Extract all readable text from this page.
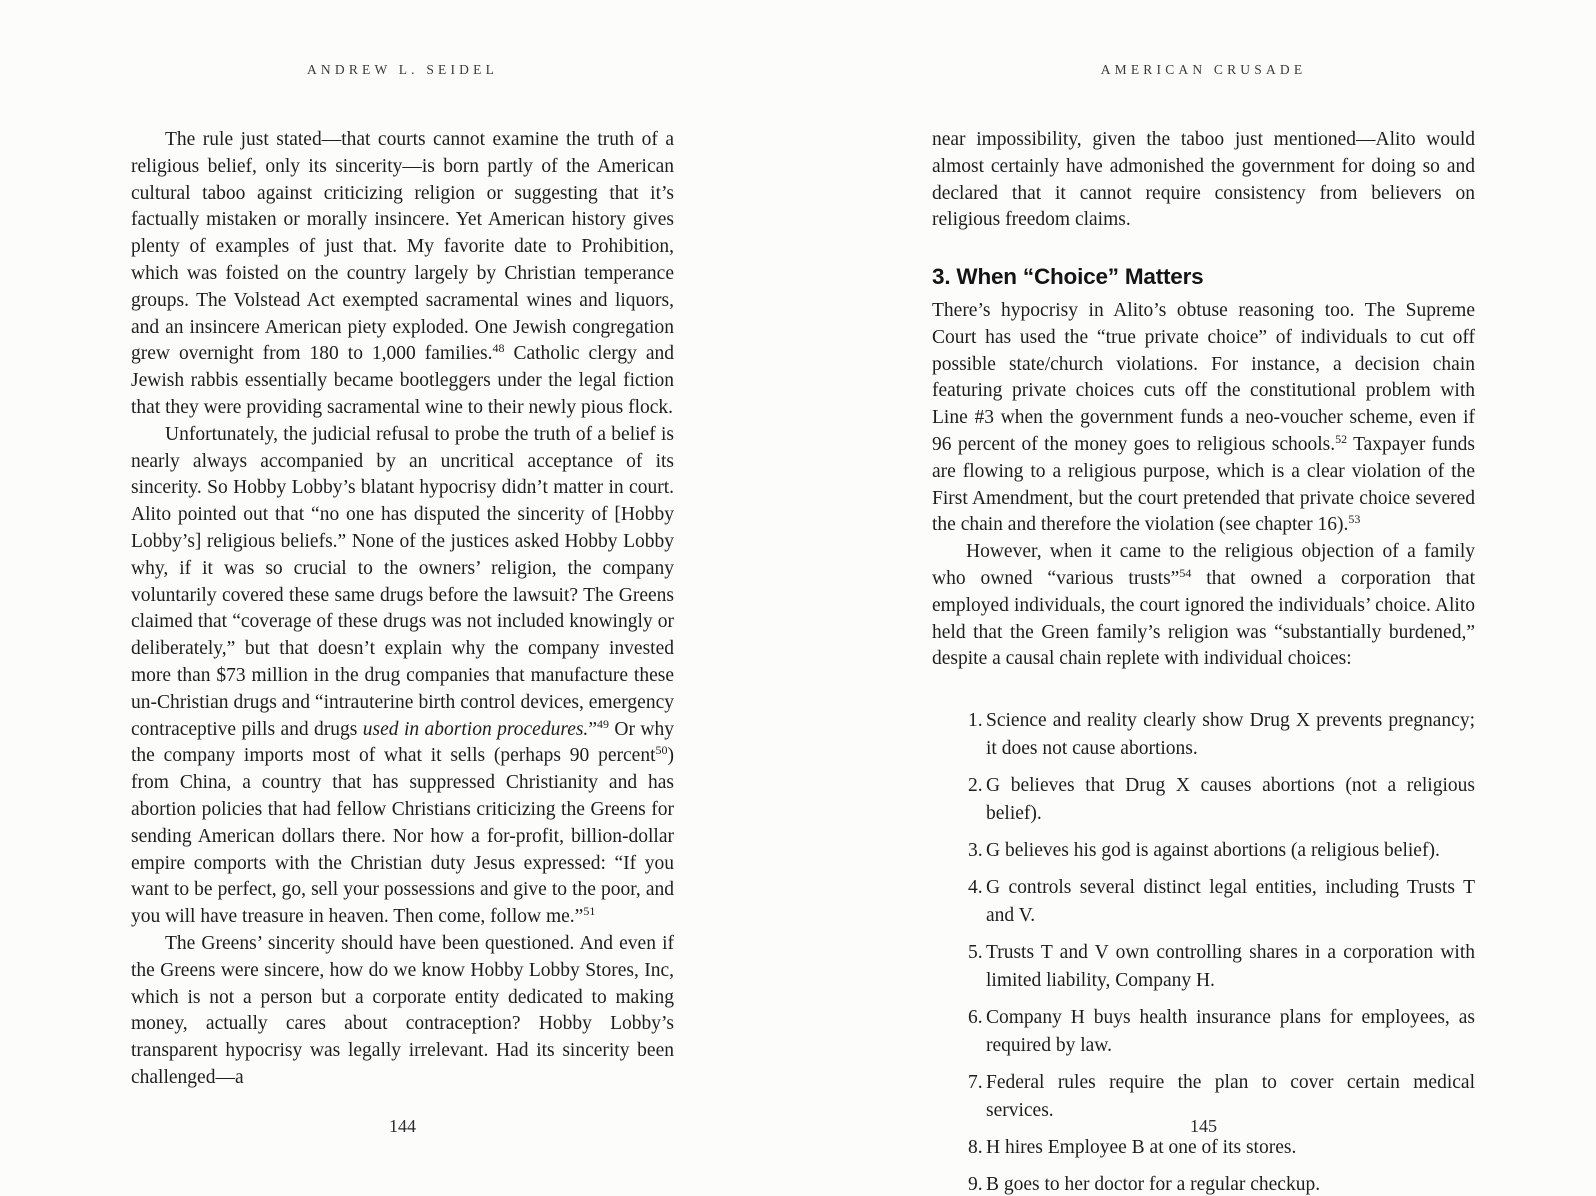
ANDREW L. SEIDEL

The rule just stated—that courts cannot examine the truth of a religious belief, only its sincerity—is born partly of the American cultural taboo against criticizing religion or suggesting that it’s factually mistaken or morally insincere. Yet American history gives plenty of examples of just that. My favorite date to Prohibition, which was foisted on the country largely by Christian temperance groups. The Volstead Act exempted sacramental wines and liquors, and an insincere American piety exploded. One Jewish congregation grew overnight from 180 to 1,000 families.$^{48}$ Catholic clergy and Jewish rabbis essentially became bootleggers under the legal fiction that they were providing sacramental wine to their newly pious flock.

Unfortunately, the judicial refusal to probe the truth of a belief is nearly always accompanied by an uncritical acceptance of its sincerity. So Hobby Lobby’s blatant hypocrisy didn’t matter in court. Alito pointed out that “no one has disputed the sincerity of [Hobby Lobby’s] religious beliefs.” None of the justices asked Hobby Lobby why, if it was so crucial to the owners’ religion, the company voluntarily covered these same drugs before the lawsuit? The Greens claimed that “coverage of these drugs was not included knowingly or deliberately,” but that doesn’t explain why the company invested more than $73 million in the drug companies that manufacture these un-Christian drugs and “intrauterine birth control devices, emergency contraceptive pills and drugs used in abortion procedures.”$^{49}$ Or why the company imports most of what it sells (perhaps 90 percent$^{50}$) from China, a country that has suppressed Christianity and has abortion policies that had fellow Christians criticizing the Greens for sending American dollars there. Nor how a for-profit, billion-dollar empire comports with the Christian duty Jesus expressed: “If you want to be perfect, go, sell your possessions and give to the poor, and you will have treasure in heaven. Then come, follow me.”$^{51}$

The Greens’ sincerity should have been questioned. And even if the Greens were sincere, how do we know Hobby Lobby Stores, Inc, which is not a person but a corporate entity dedicated to making money, actually cares about contraception? Hobby Lobby’s transparent hypocrisy was legally irrelevant. Had its sincerity been challenged—a

144
AMERICAN CRUSADE

near impossibility, given the taboo just mentioned—Alito would almost certainly have admonished the government for doing so and declared that it cannot require consistency from believers on religious freedom claims.

3. When “Choice” Matters

There’s hypocrisy in Alito’s obtuse reasoning too. The Supreme Court has used the “true private choice” of individuals to cut off possible state/church violations. For instance, a decision chain featuring private choices cuts off the constitutional problem with Line #3 when the government funds a neo-voucher scheme, even if 96 percent of the money goes to religious schools.$^{52}$ Taxpayer funds are flowing to a religious purpose, which is a clear violation of the First Amendment, but the court pretended that private choice severed the chain and therefore the violation (see chapter 16).$^{53}$

However, when it came to the religious objection of a family who owned “various trusts”$^{54}$ that owned a corporation that employed individuals, the court ignored the individuals’ choice. Alito held that the Green family’s religion was “substantially burdened,” despite a causal chain replete with individual choices:

1. Science and reality clearly show Drug X prevents pregnancy; it does not cause abortions.
2. G believes that Drug X causes abortions (not a religious belief).
3. G believes his god is against abortions (a religious belief).
4. G controls several distinct legal entities, including Trusts T and V.
5. Trusts T and V own controlling shares in a corporation with limited liability, Company H.
6. Company H buys health insurance plans for employees, as required by law.
7. Federal rules require the plan to cover certain medical services.
8. H hires Employee B at one of its stores.
9. B goes to her doctor for a regular checkup.
145
